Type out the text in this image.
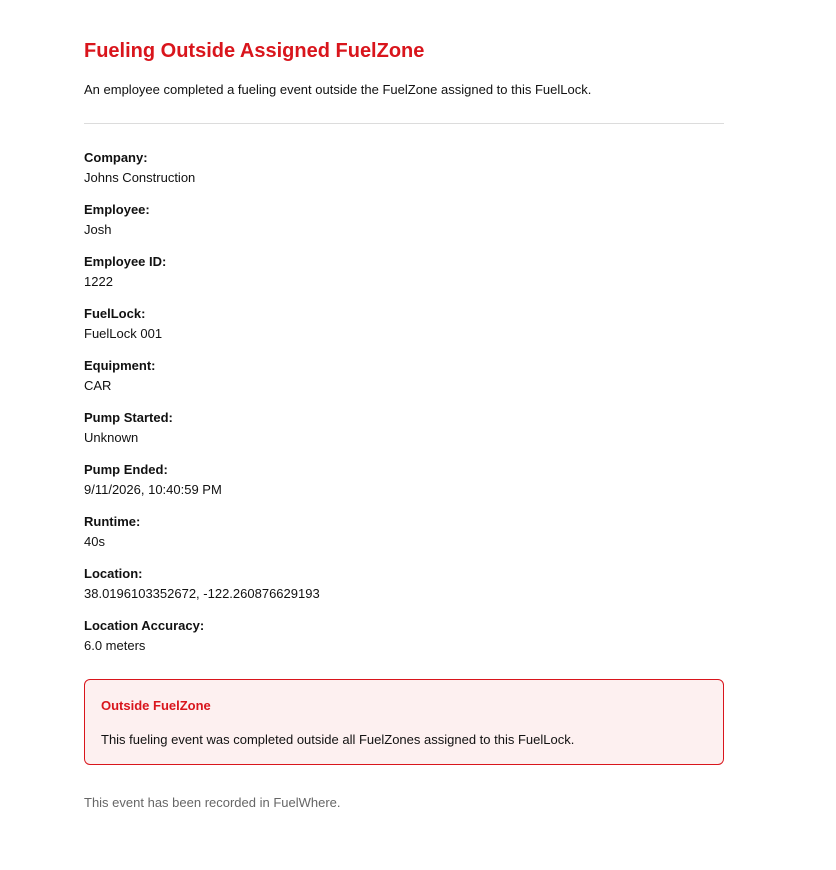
Fueling Outside Assigned FuelZone
An employee completed a fueling event outside the FuelZone assigned to this FuelLock.
Company:
Johns Construction
Employee:
Josh
Employee ID:
1222
FuelLock:
FuelLock 001
Equipment:
CAR
Pump Started:
Unknown
Pump Ended:
9/11/2026, 10:40:59 PM
Runtime:
40s
Location:
38.0196103352672, -122.260876629193
Location Accuracy:
6.0 meters
Outside FuelZone
This fueling event was completed outside all FuelZones assigned to this FuelLock.
This event has been recorded in FuelWhere.
